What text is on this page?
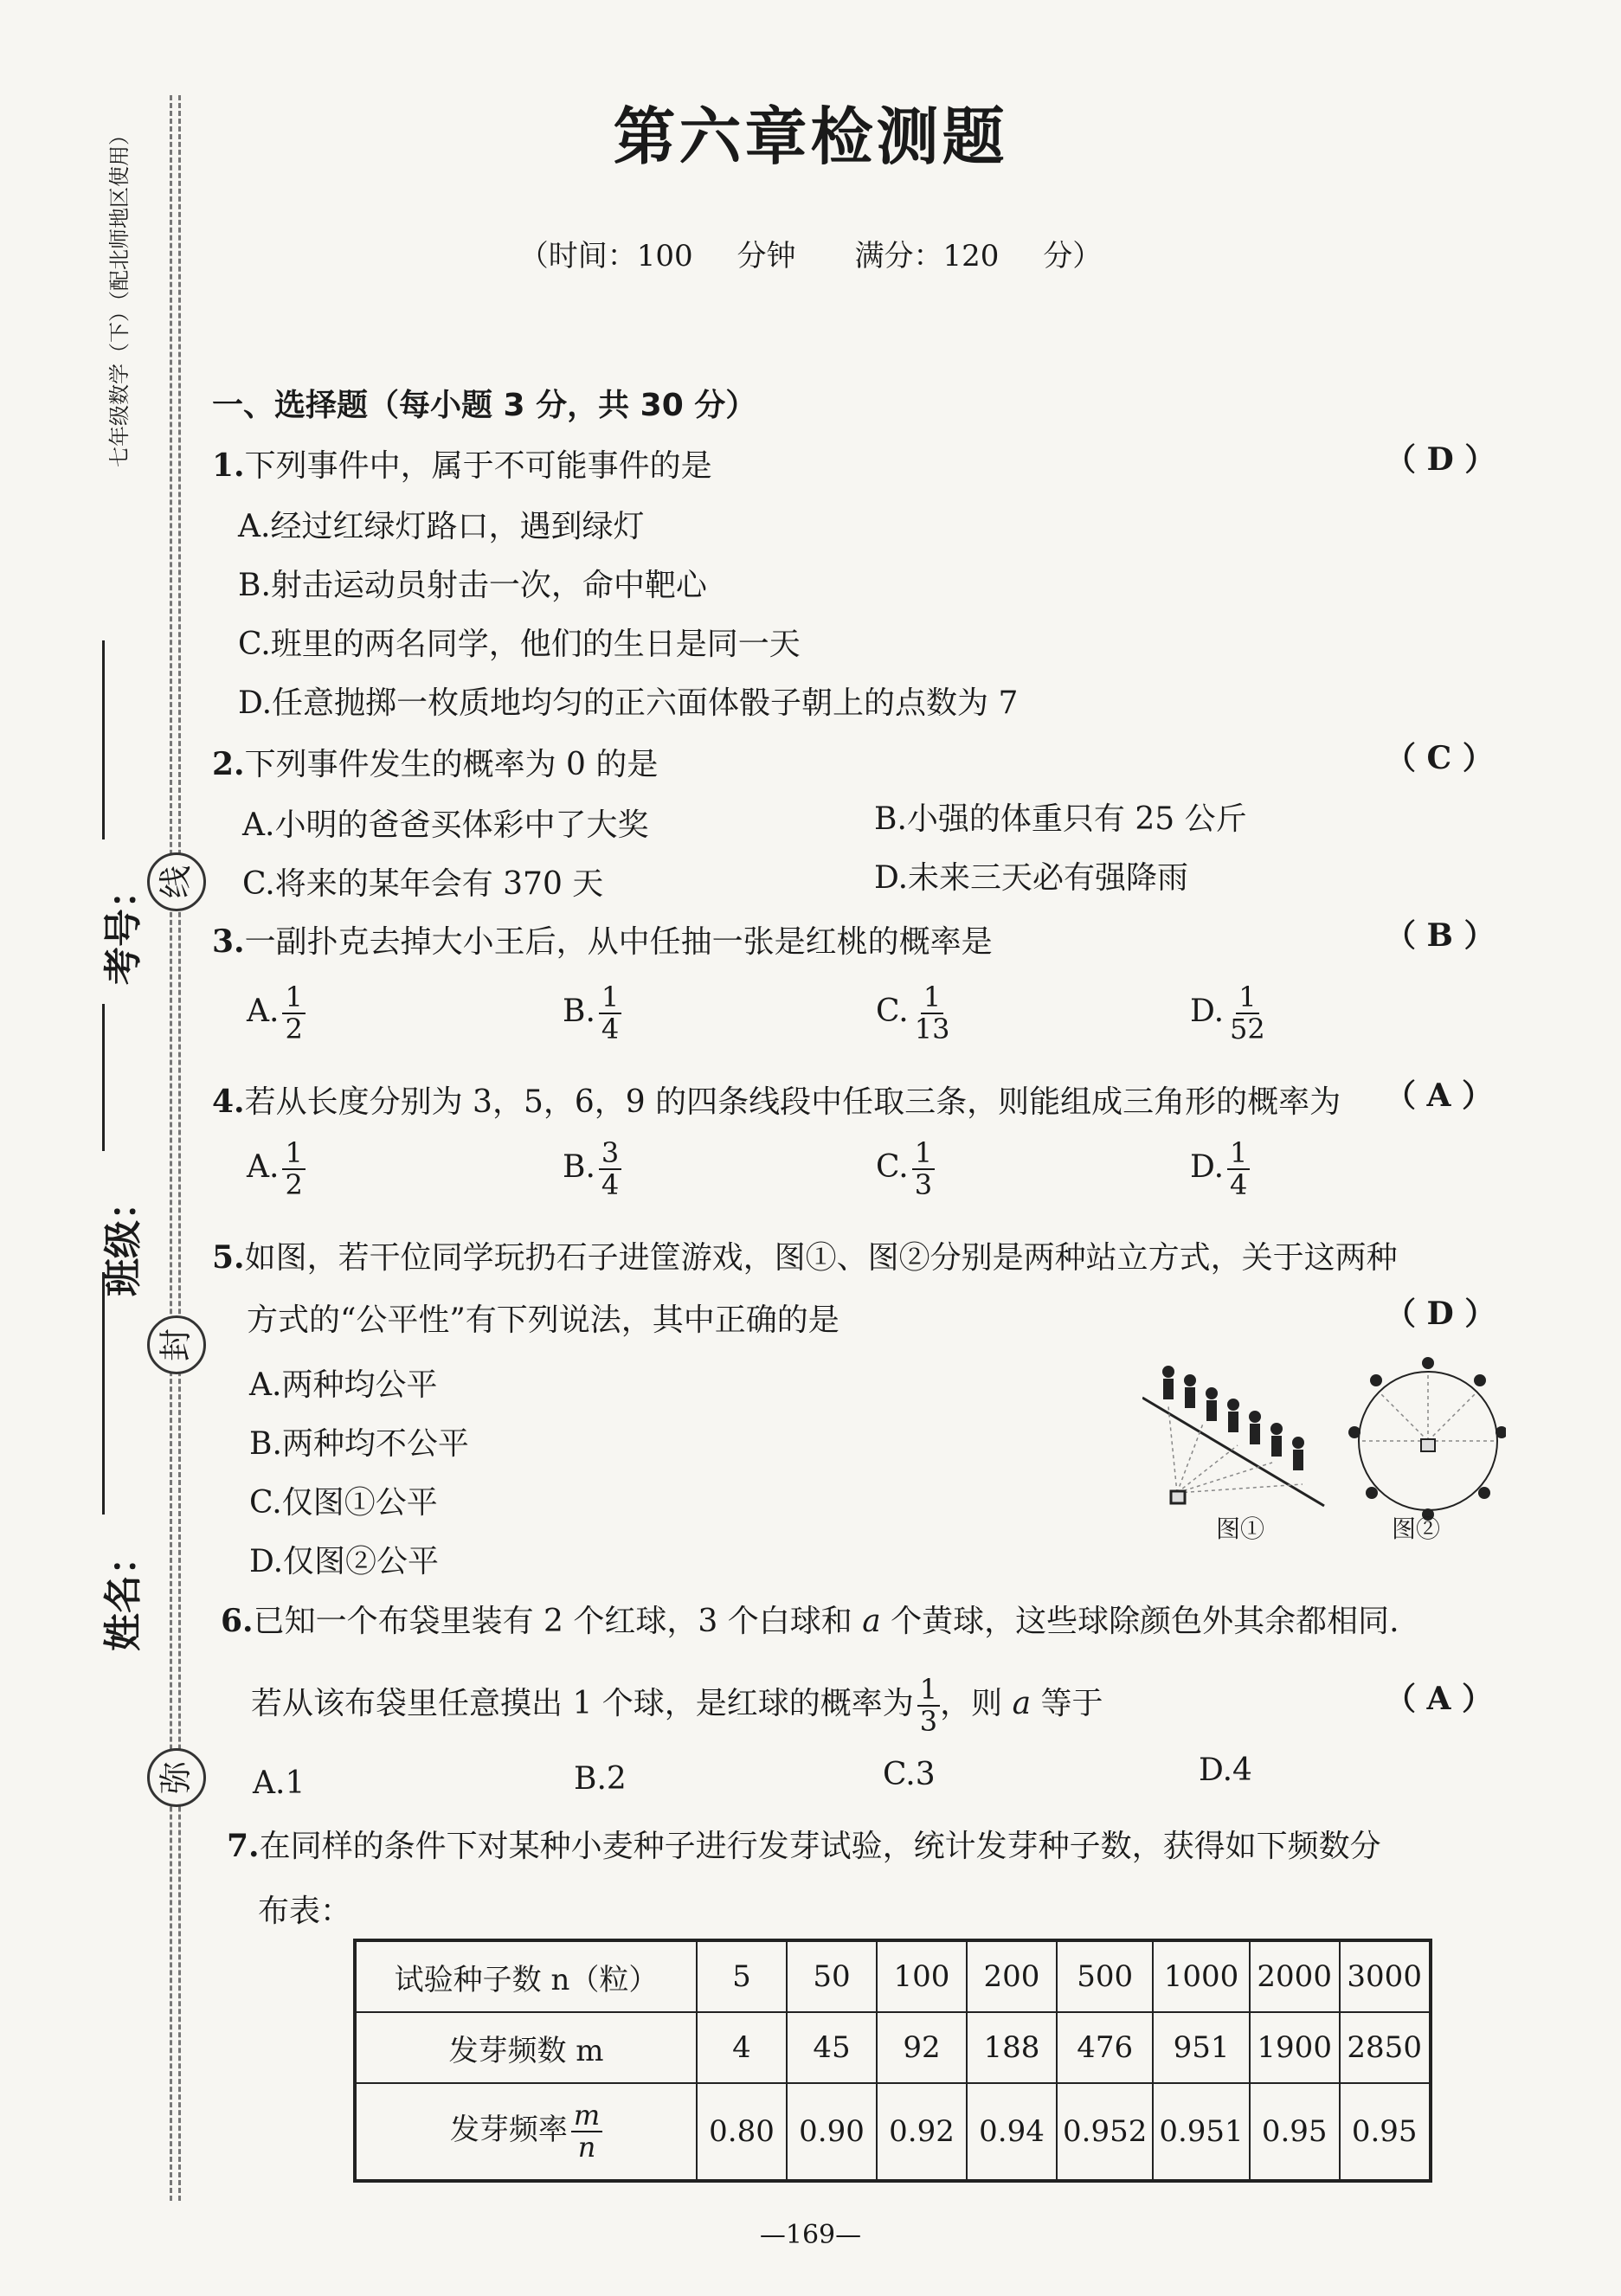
七年级数学（下）（配北师地区使用）
线
封
弥
考号：
班级：
姓名：
第六章检测题
（时间：100 分钟　　满分：120 分）
一、选择题（每小题 3 分，共 30 分）
1.下列事件中，属于不可能事件的是	（ D ）
A.经过红绿灯路口，遇到绿灯
B.射击运动员射击一次，命中靶心
C.班里的两名同学，他们的生日是同一天
D.任意抛掷一枚质地均匀的正六面体骰子朝上的点数为 7
2.下列事件发生的概率为 0 的是	（ C ）
A.小明的爸爸买体彩中了大奖	B.小强的体重只有 25 公斤
C.将来的某年会有 370 天	D.未来三天必有强降雨
3.一副扑克去掉大小王后，从中任抽一张是红桃的概率是	（ B ）
A. $\frac{1}{2}$	B. $\frac{1}{4}$	C. $\frac{1}{13}$	D. $\frac{1}{52}$
4.若从长度分别为 3，5，6，9 的四条线段中任取三条，则能组成三角形的概率为 （ A ）
A. $\frac{1}{2}$	B. $\frac{3}{4}$	C. $\frac{1}{3}$	D. $\frac{1}{4}$
5.如图，若干位同学玩扔石子进筐游戏，图①、图②分别是两种站立方式，关于这两种
方式的“公平性”有下列说法，其中正确的是	（ D ）
A.两种均公平
B.两种均不公平
C.仅图①公平
D.仅图②公平
图①	图②
6.已知一个布袋里装有 2 个红球，3 个白球和 a 个黄球，这些球除颜色外其余都相同.
若从该布袋里任意摸出 1 个球，是红球的概率为 $\frac{1}{3}$ ，则 a 等于	（ A ）
A.1	B.2	C.3	D.4
7.在同样的条件下对某种小麦种子进行发芽试验，统计发芽种子数，获得如下频数分
布表：
试验种子数 n（粒）	5	50	100	200	500	1000	2000	3000
发芽频数 m	4	45	92	188	476	951	1900	2850
发芽频率 $\frac{m}{n}$	0.80	0.90	0.92	0.94	0.952	0.951	0.95	0.95
—169—
